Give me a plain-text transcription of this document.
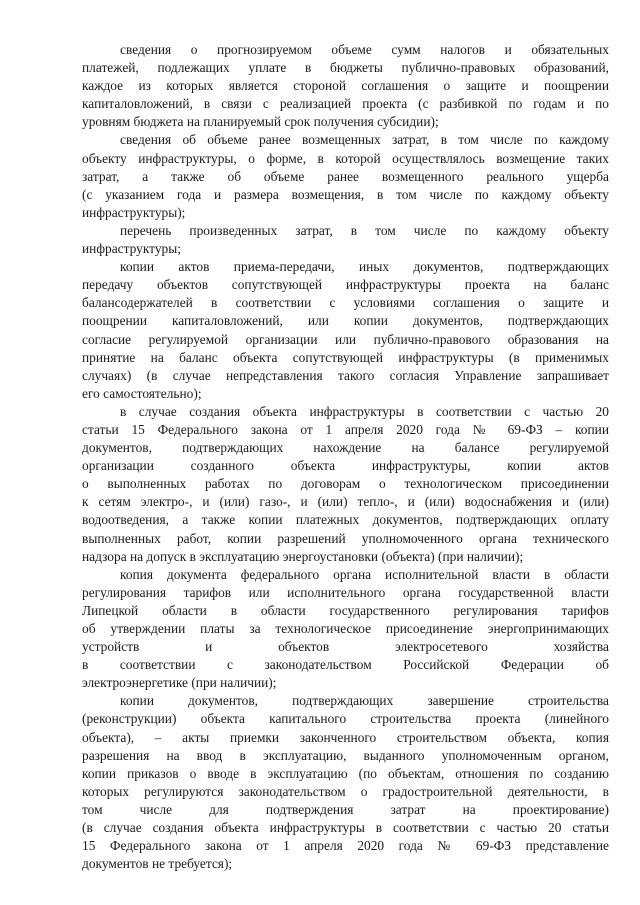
сведения о прогнозируемом объеме сумм налогов и обязательных
платежей, подлежащих уплате в бюджеты публично-правовых образований,
каждое из которых является стороной соглашения о защите и поощрении
капиталовложений, в связи с реализацией проекта (с разбивкой по годам и по
уровням бюджета на планируемый срок получения субсидии);
сведения об объеме ранее возмещенных затрат, в том числе по каждому
объекту инфраструктуры, о форме, в которой осуществлялось возмещение таких
затрат, а также об объеме ранее возмещенного реального ущерба
(с указанием года и размера возмещения, в том числе по каждому объекту
инфраструктуры);
перечень произведенных затрат, в том числе по каждому объекту
инфраструктуры;
копии актов приема-передачи, иных документов, подтверждающих
передачу объектов сопутствующей инфраструктуры проекта на баланс
балансодержателей в соответствии с условиями соглашения о защите и
поощрении капиталовложений, или копии документов, подтверждающих
согласие регулируемой организации или публично-правового образования на
принятие на баланс объекта сопутствующей инфраструктуры (в применимых
случаях) (в случае непредставления такого согласия Управление запрашивает
его самостоятельно);
в случае создания объекта инфраструктуры в соответствии с частью 20
статьи 15 Федерального закона от 1 апреля 2020 года № 69-ФЗ – копии
документов, подтверждающих нахождение на балансе регулируемой
организации созданного объекта инфраструктуры, копии актов
о выполненных работах по договорам о технологическом присоединении
к сетям электро-, и (или) газо-, и (или) тепло-, и (или) водоснабжения и (или)
водоотведения, а также копии платежных документов, подтверждающих оплату
выполненных работ, копии разрешений уполномоченного органа технического
надзора на допуск в эксплуатацию энергоустановки (объекта) (при наличии);
копия документа федерального органа исполнительной власти в области
регулирования тарифов или исполнительного органа государственной власти
Липецкой области в области государственного регулирования тарифов
об утверждении платы за технологическое присоединение энергопринимающих
устройств и объектов электросетевого хозяйства
в соответствии с законодательством Российской Федерации об
электроэнергетике (при наличии);
копии документов, подтверждающих завершение строительства
(реконструкции) объекта капитального строительства проекта (линейного
объекта), – акты приемки законченного строительством объекта, копия
разрешения на ввод в эксплуатацию, выданного уполномоченным органом,
копии приказов о вводе в эксплуатацию (по объектам, отношения по созданию
которых регулируются законодательством о градостроительной деятельности, в
том числе для подтверждения затрат на проектирование)
(в случае создания объекта инфраструктуры в соответствии с частью 20 статьи
15 Федерального закона от 1 апреля 2020 года № 69-ФЗ представление
документов не требуется);
